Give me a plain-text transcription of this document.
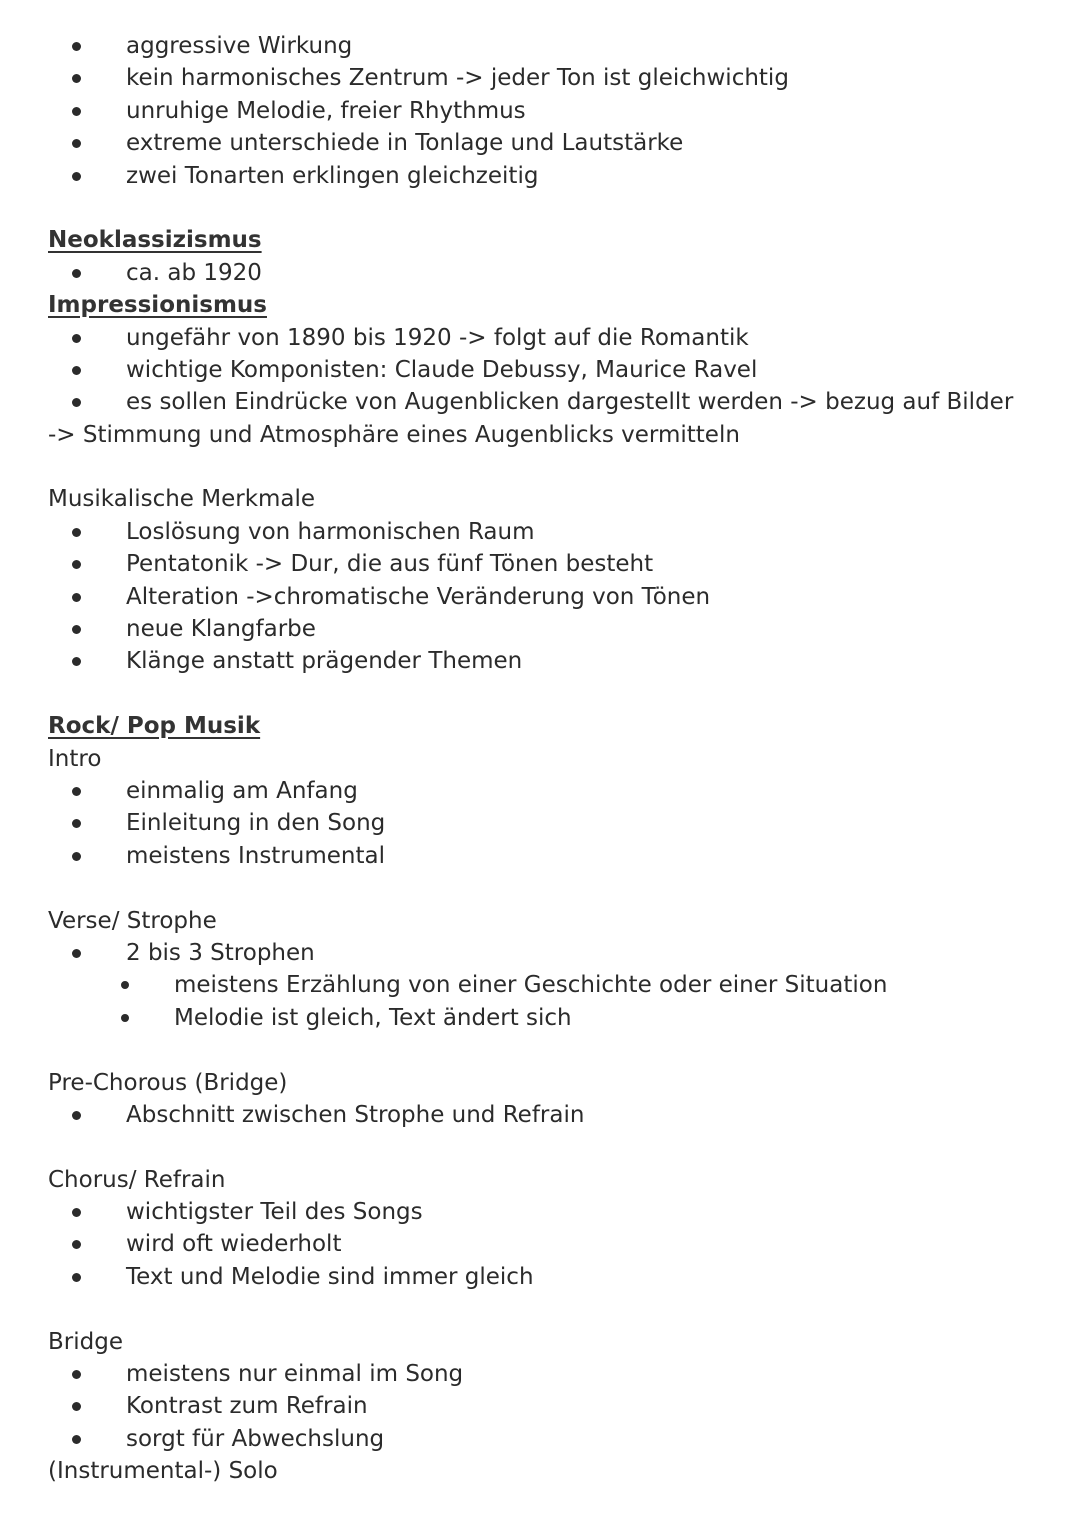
aggressive Wirkung
kein harmonisches Zentrum -> jeder Ton ist gleichwichtig
unruhige Melodie, freier Rhythmus
extreme unterschiede in Tonlage und Lautstärke
zwei Tonarten erklingen gleichzeitig
Neoklassizismus
ca. ab 1920
Impressionismus
ungefähr von 1890 bis 1920 -> folgt auf die Romantik
wichtige Komponisten: Claude Debussy, Maurice Ravel
es sollen Eindrücke von Augenblicken dargestellt werden -> bezug auf Bilder
-> Stimmung und Atmosphäre eines Augenblicks vermitteln
Musikalische Merkmale
Loslösung von harmonischen Raum
Pentatonik -> Dur, die aus fünf Tönen besteht
Alteration ->chromatische Veränderung von Tönen
neue Klangfarbe
Klänge anstatt prägender Themen
Rock/ Pop Musik
Intro
einmalig am Anfang
Einleitung in den Song
meistens Instrumental
Verse/ Strophe
2 bis 3 Strophen
meistens Erzählung von einer Geschichte oder einer Situation
Melodie ist gleich, Text ändert sich
Pre-Chorous (Bridge)
Abschnitt zwischen Strophe und Refrain
Chorus/ Refrain
wichtigster Teil des Songs
wird oft wiederholt
Text und Melodie sind immer gleich
Bridge
meistens nur einmal im Song
Kontrast zum Refrain
sorgt für Abwechslung
(Instrumental-) Solo
